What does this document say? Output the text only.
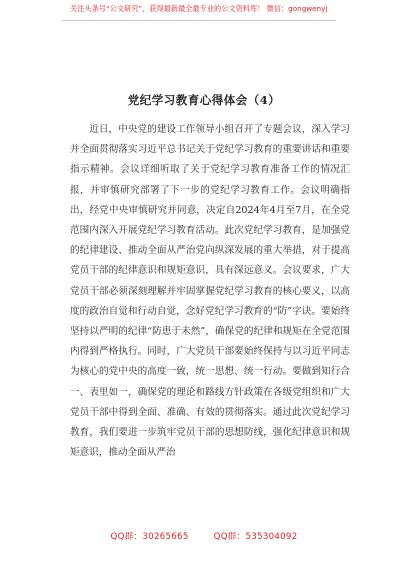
关注头条号“公文研究”，获得最新最全最专业的公文资料库！ 微信：gongwenyj
党纪学习教育心得体会（4）

近日，中央党的建设工作领导小组召开了专题会议，深入学习并全面贯彻落实习近平总书记关于党纪学习教育的重要讲话和重要指示精神。会议详细听取了关于党纪学习教育准备工作的情况汇报，并审慎研究部署了下一步的党纪学习教育工作。会议明确指出，经党中央审慎研究并同意，决定自2024年4月至7月，在全党范围内深入开展党纪学习教育活动。此次党纪学习教育，是加强党的纪律建设、推动全面从严治党向纵深发展的重大举措，对于提高党员干部的纪律意识和规矩意识，具有深远意义。会议要求，广大党员干部必须深刻理解并牢固掌握党纪学习教育的核心要义，以高度的政治自觉和行动自觉，念好党纪学习教育的“防”字诀。要始终坚持以严明的纪律“防患于未然”，确保党的纪律和规矩在全党范围内得到严格执行。同时，广大党员干部要始终保持与以习近平同志为核心的党中央的高度一致，统一思想、统一行动。要做到知行合一、表里如一，确保党的理论和路线方针政策在各级党组织和广大党员干部中得到全面、准确、有效的贯彻落实。通过此次党纪学习教育，我们要进一步筑牢党员干部的思想防线，强化纪律意识和规矩意识，推动全面从严治

QQ群：30265665	QQ群：535304092
